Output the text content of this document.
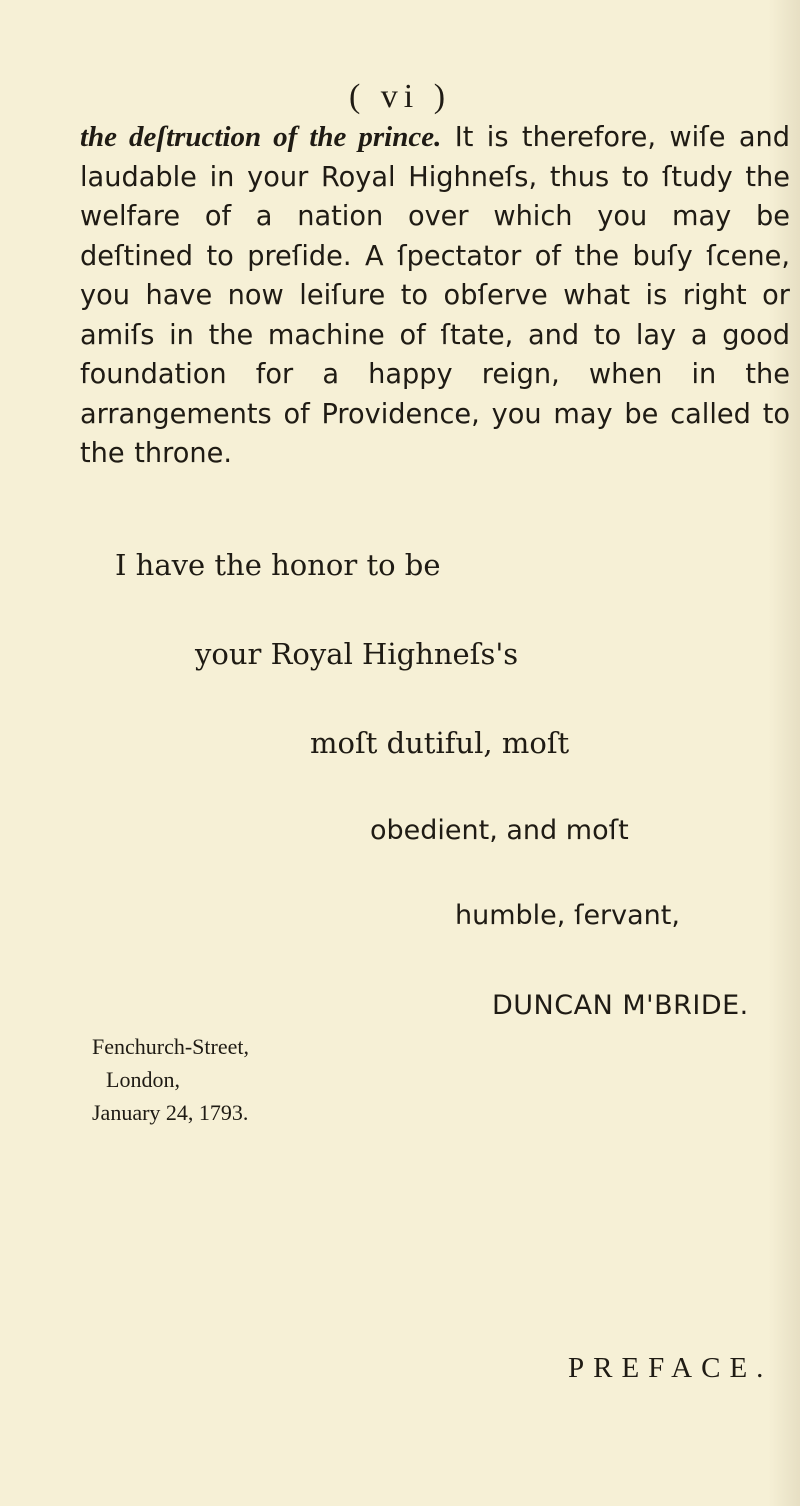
( vi )
the deſtruction of the prince. It is therefore, wiſe and laudable in your Royal Highneſs, thus to ſtudy the welfare of a nation over which you may be deſtined to preſide. A ſpectator of the buſy ſcene, you have now leiſure to obſerve what is right or amiſs in the machine of ſtate, and to lay a good foundation for a happy reign, when in the arrangements of Providence, you may be called to the throne.
I have the honor to be
your Royal Highneſs's
moſt dutiful, moſt
obedient, and moſt
humble, ſervant,
DUNCAN M'BRIDE.
Fenchurch-Street,
London,
January 24, 1793.
PREFACE.
